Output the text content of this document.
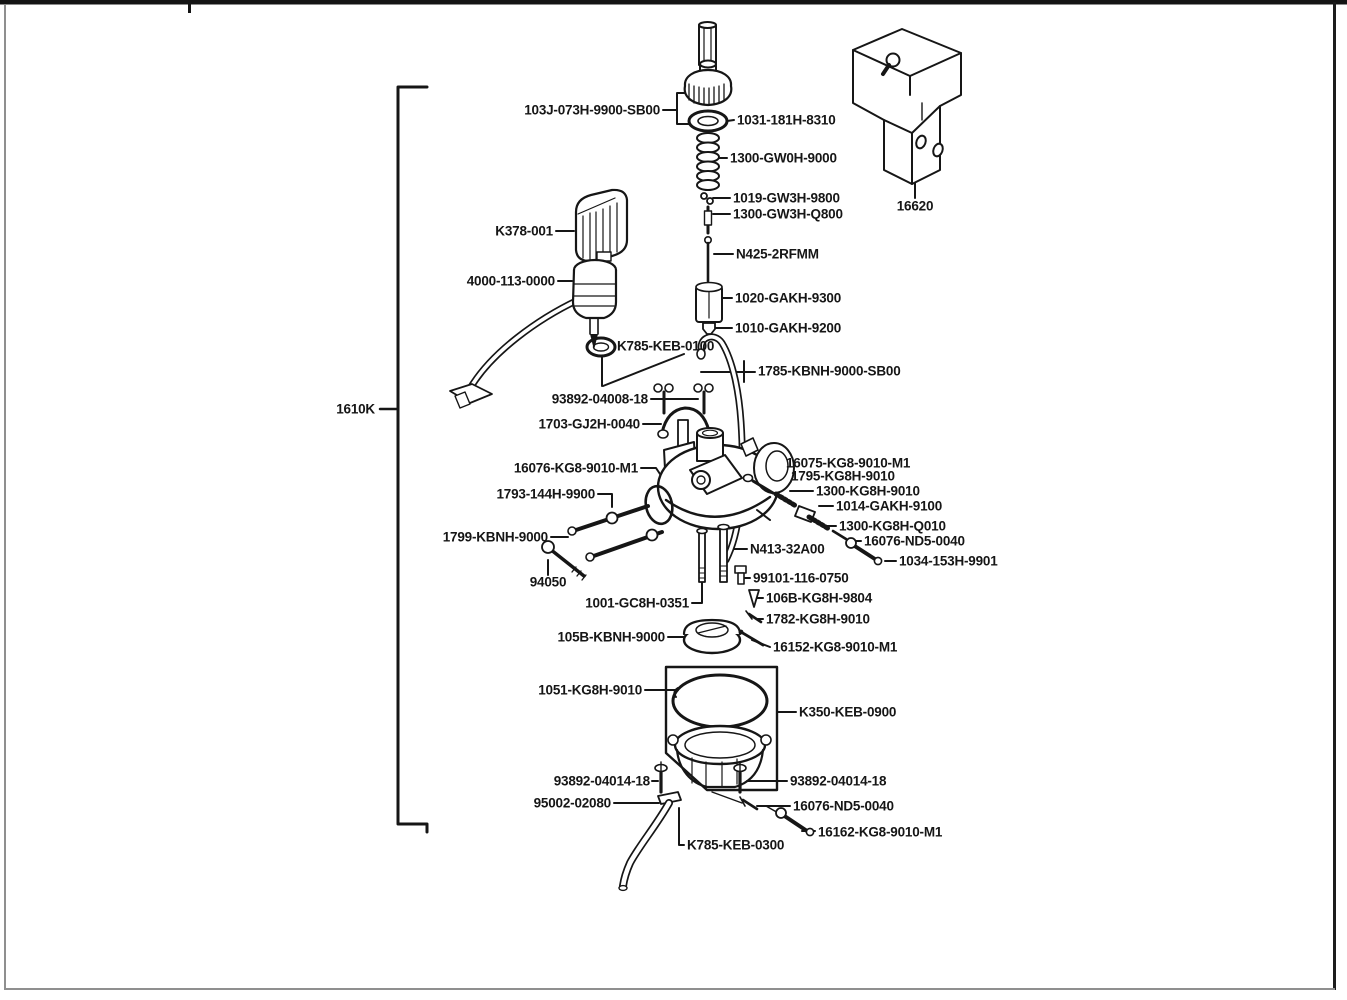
103J-073H-9900-SB00
1031-181H-8310
1300-GW0H-9000
1019-GW3H-9800
1300-GW3H-Q800
N425-2RFMM
16620
K378-001
4000-113-0000
1020-GAKH-9300
1010-GAKH-9200
K785-KEB-0100
1785-KBNH-9000-SB00
93892-04008-18
1703-GJ2H-0040
16076-KG8-9010-M1
1793-144H-9900
1799-KBNH-9000
94050
1001-GC8H-0351
N413-32A00
99101-116-0750
106B-KG8H-9804
1782-KG8H-9010
105B-KBNH-9000
16152-KG8-9010-M1
16075-KG8-9010-M1
1795-KG8H-9010
1300-KG8H-9010
1014-GAKH-9100
1300-KG8H-Q010
16076-ND5-0040
1034-153H-9901
1051-KG8H-9010
K350-KEB-0900
93892-04014-18	93892-04014-18
95002-02080	16076-ND5-0040
16162-KG8-9010-M1
K785-KEB-0300
1610K
